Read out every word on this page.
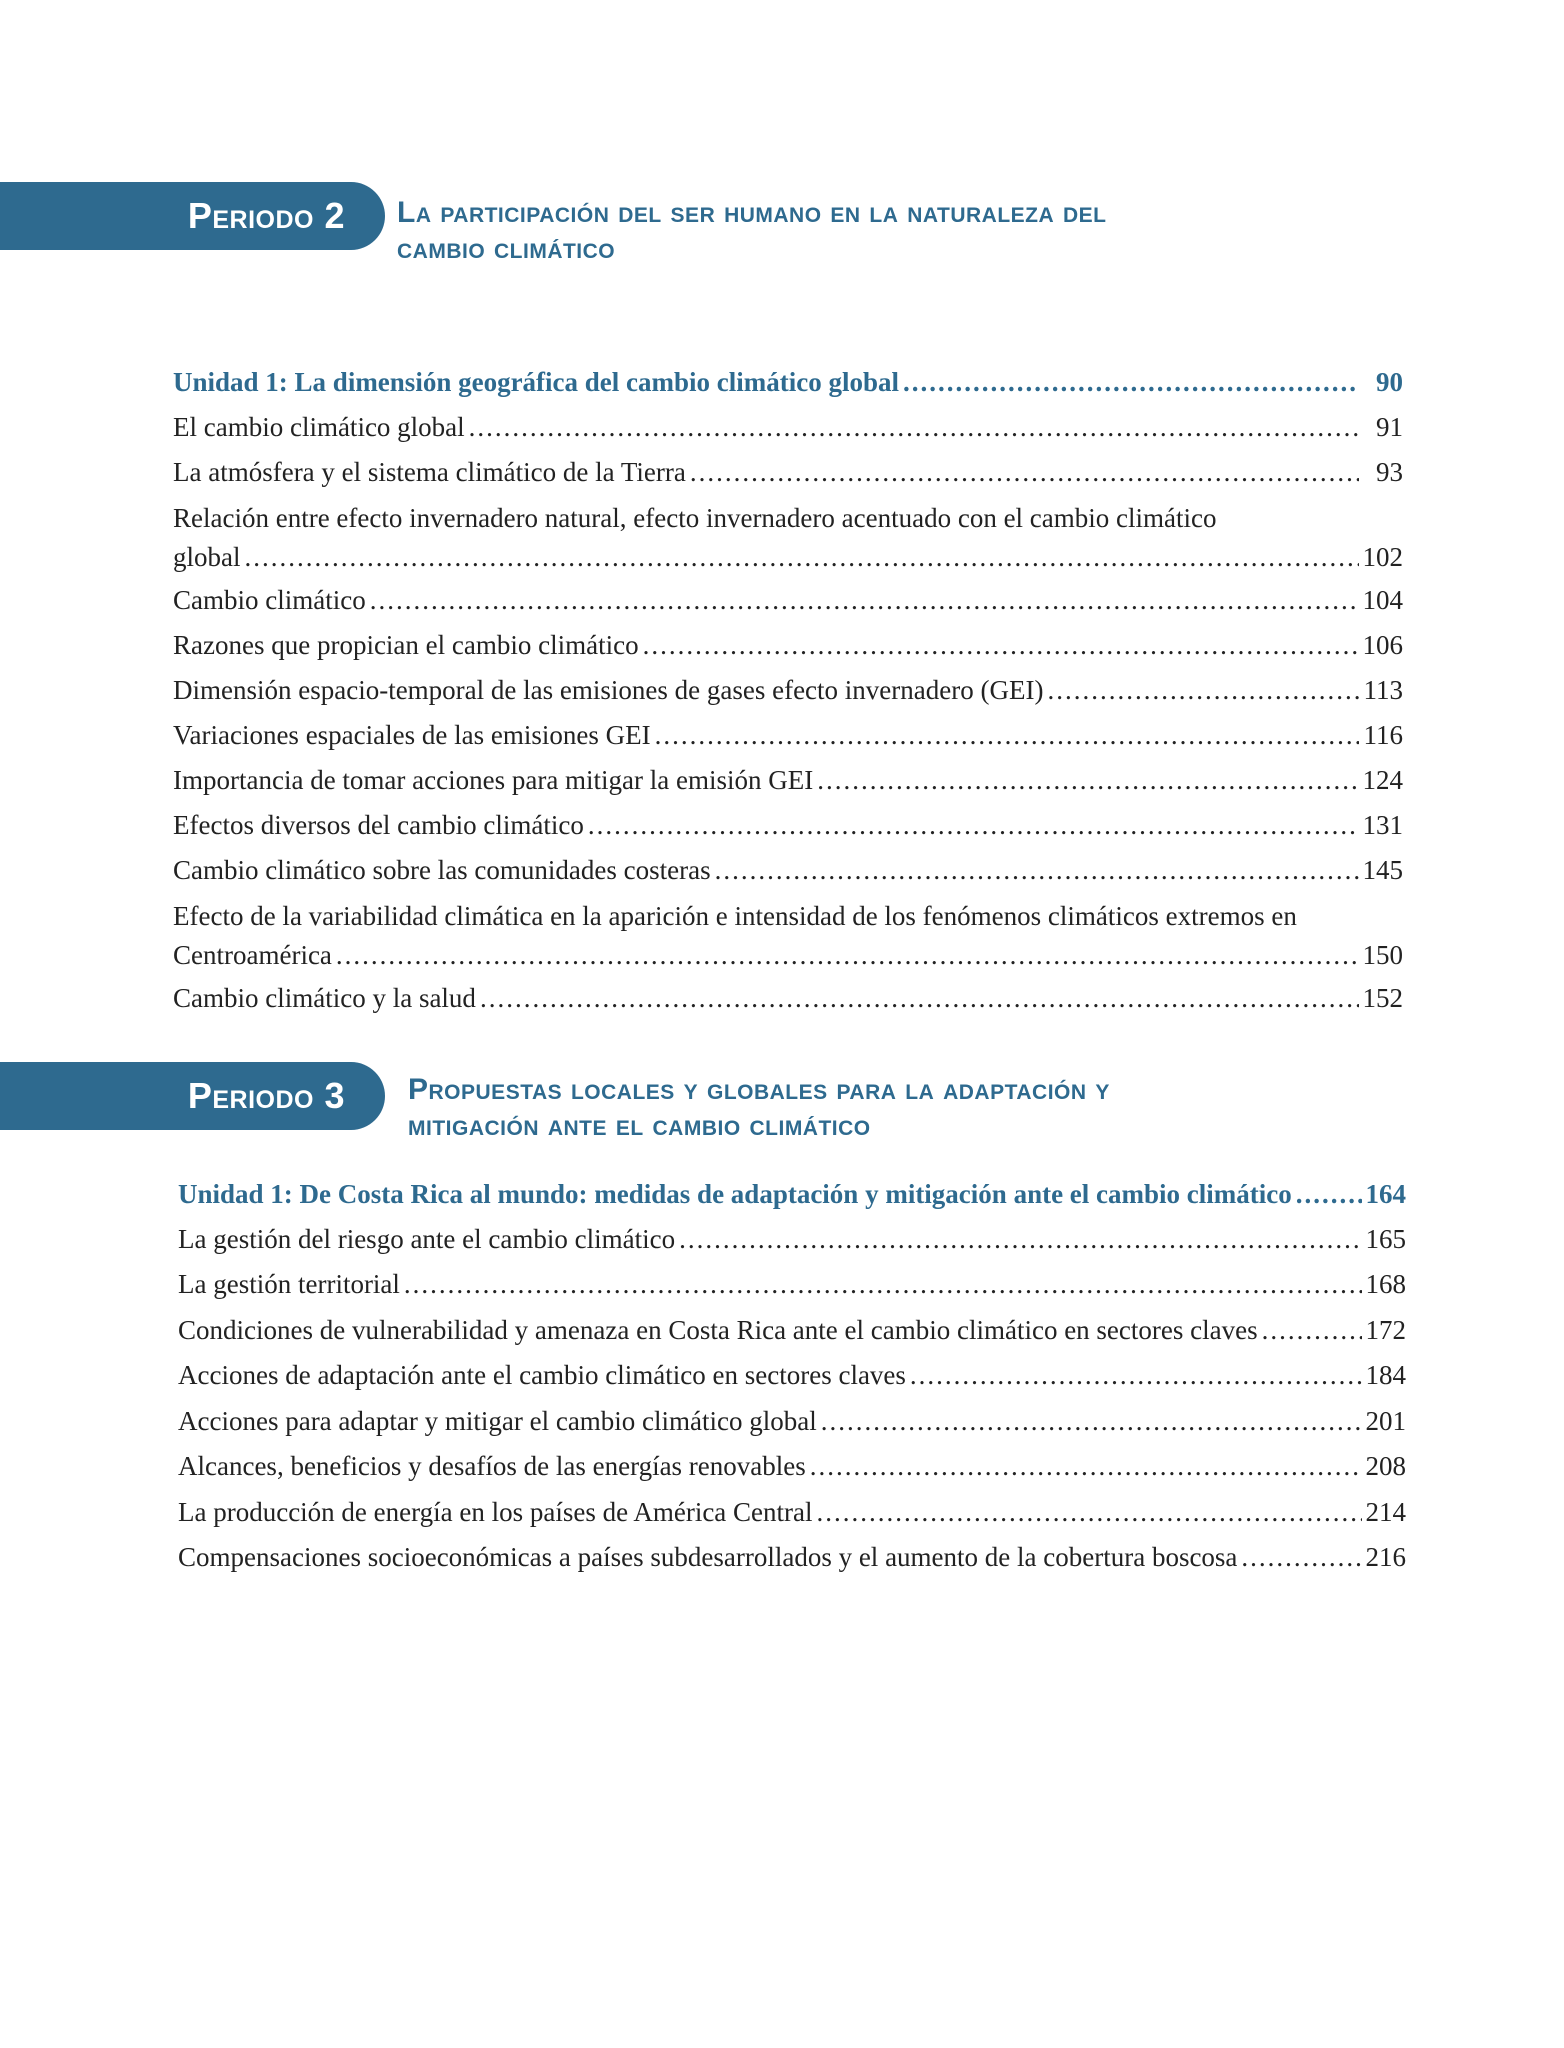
Periodo 2 La participación del ser humano en la naturaleza del
cambio climático
Unidad 1: La dimensión geográfica del cambio climático global .....	90
El cambio climático global .....	91
La atmósfera y el sistema climático de la Tierra .....	93
Relación entre efecto invernadero natural, efecto invernadero acentuado con el cambio climático
global .....	102
Cambio climático .....	104
Razones que propician el cambio climático .....	106
Dimensión espacio-temporal de las emisiones de gases efecto invernadero (GEI) .....	113
Variaciones espaciales de las emisiones GEI .....	116
Importancia de tomar acciones para mitigar la emisión GEI .....	124
Efectos diversos del cambio climático .....	131
Cambio climático sobre las comunidades costeras .....	145
Efecto de la variabilidad climática en la aparición e intensidad de los fenómenos climáticos extremos en
Centroamérica .....	150
Cambio climático y la salud .....	152
Periodo 3 Propuestas locales y globales para la adaptación y
mitigación ante el cambio climático
Unidad 1: De Costa Rica al mundo: medidas de adaptación y mitigación ante el cambio climático .....	164
La gestión del riesgo ante el cambio climático .....	165
La gestión territorial .....	168
Condiciones de vulnerabilidad y amenaza en Costa Rica ante el cambio climático en sectores claves .....	172
Acciones de adaptación ante el cambio climático en sectores claves .....	184
Acciones para adaptar y mitigar el cambio climático global .....	201
Alcances, beneficios y desafíos de las energías renovables .....	208
La producción de energía en los países de América Central .....	214
Compensaciones socioeconómicas a países subdesarrollados y el aumento de la cobertura boscosa .....	216
